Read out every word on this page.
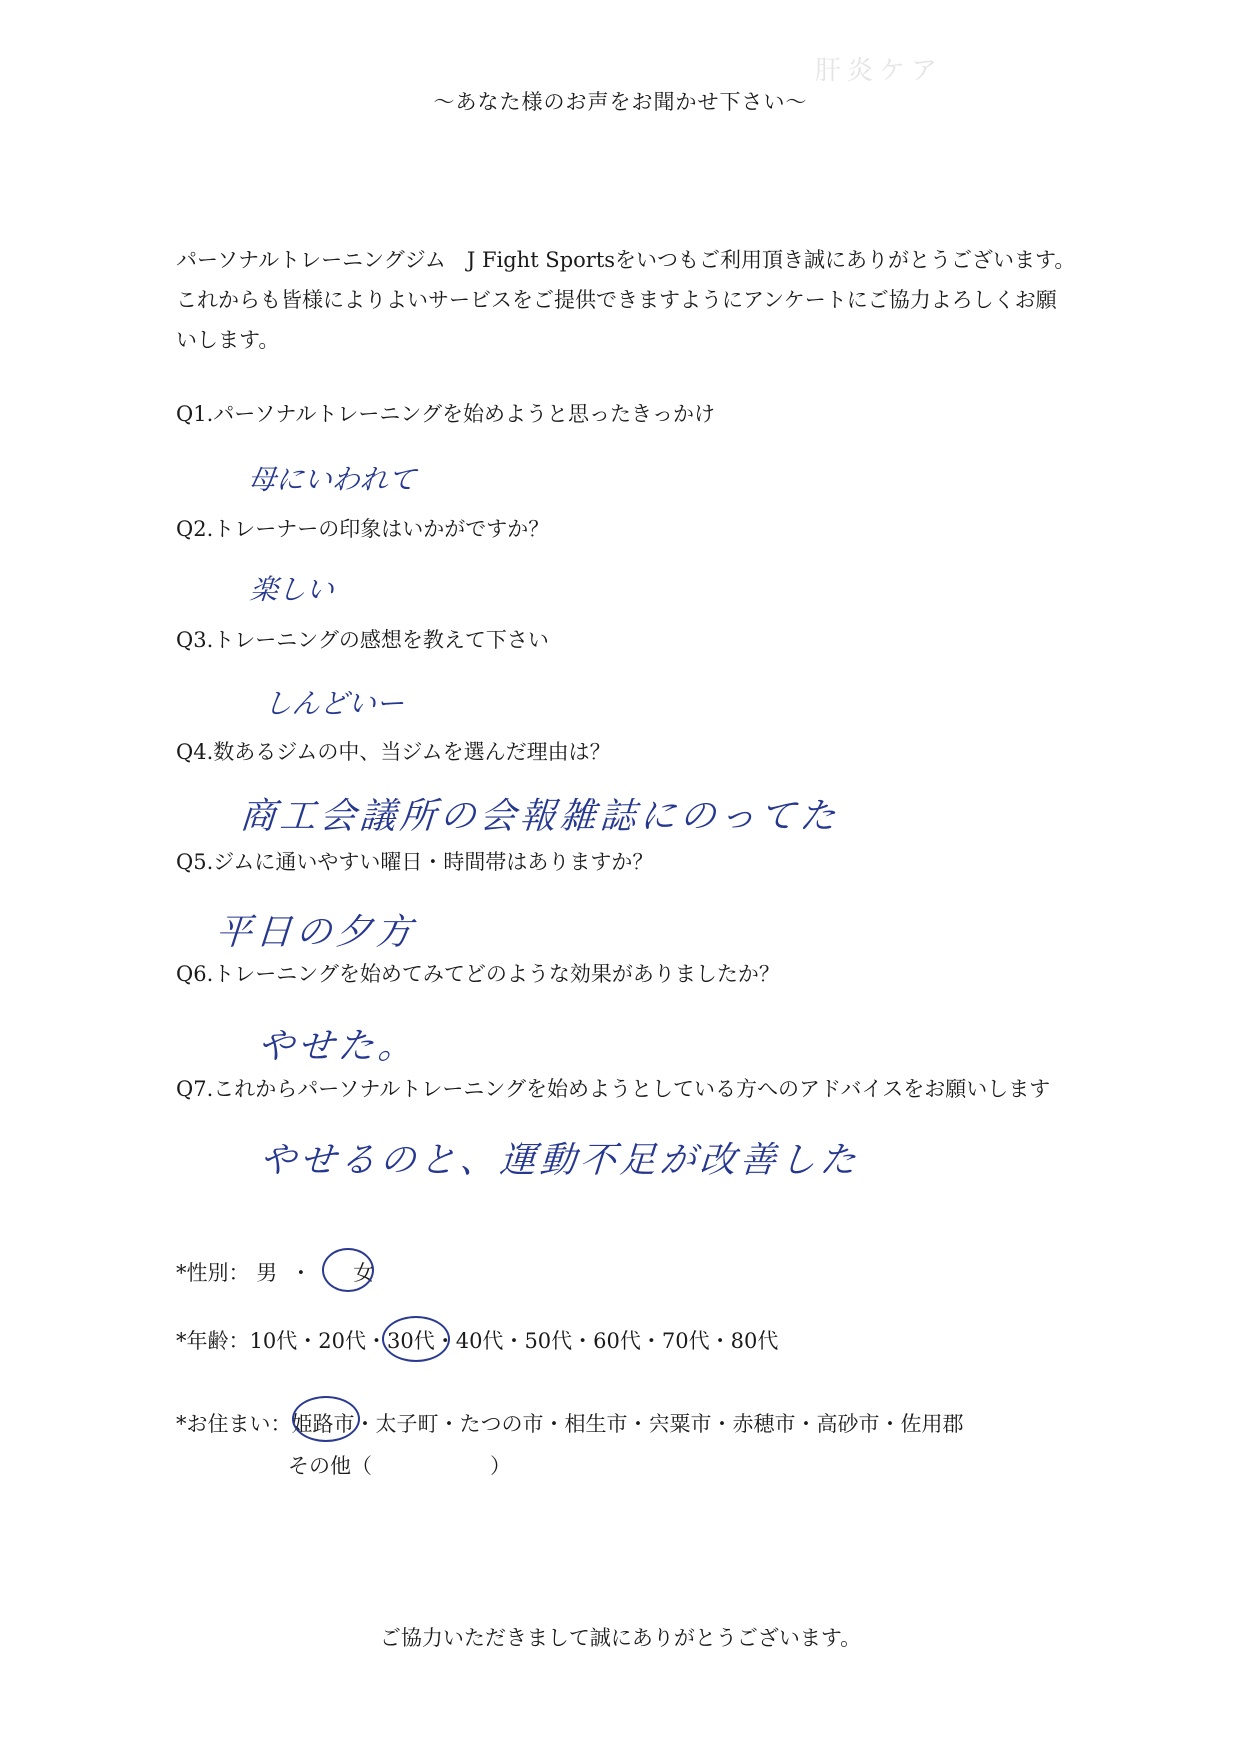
肝炎ケア
〜あなた様のお声をお聞かせ下さい〜
パーソナルトレーニングジム　J Fight Sportsをいつもご利用頂き誠にありがとうございます。これからも皆様によりよいサービスをご提供できますようにアンケートにご協力よろしくお願いします。
Q1.パーソナルトレーニングを始めようと思ったきっかけ
母にいわれて
Q2.トレーナーの印象はいかがですか？
楽しい
Q3.トレーニングの感想を教えて下さい
しんどいー
Q4.数あるジムの中、当ジムを選んだ理由は？
商工会議所の会報雑誌にのってた
Q5.ジムに通いやすい曜日・時間帯はありますか？
平日の夕方
Q6.トレーニングを始めてみてどのような効果がありましたか？
やせた。
Q7.これからパーソナルトレーニングを始めようとしている方へのアドバイスをお願いします
やせるのと、運動不足が改善した
*性別： 男 ・ 女
*年齢：10代・20代・30代・40代・50代・60代・70代・80代
*お住まい：姫路市・太子町・たつの市・相生市・宍粟市・赤穂市・高砂市・佐用郡
その他（	）
ご協力いただきまして誠にありがとうございます。
